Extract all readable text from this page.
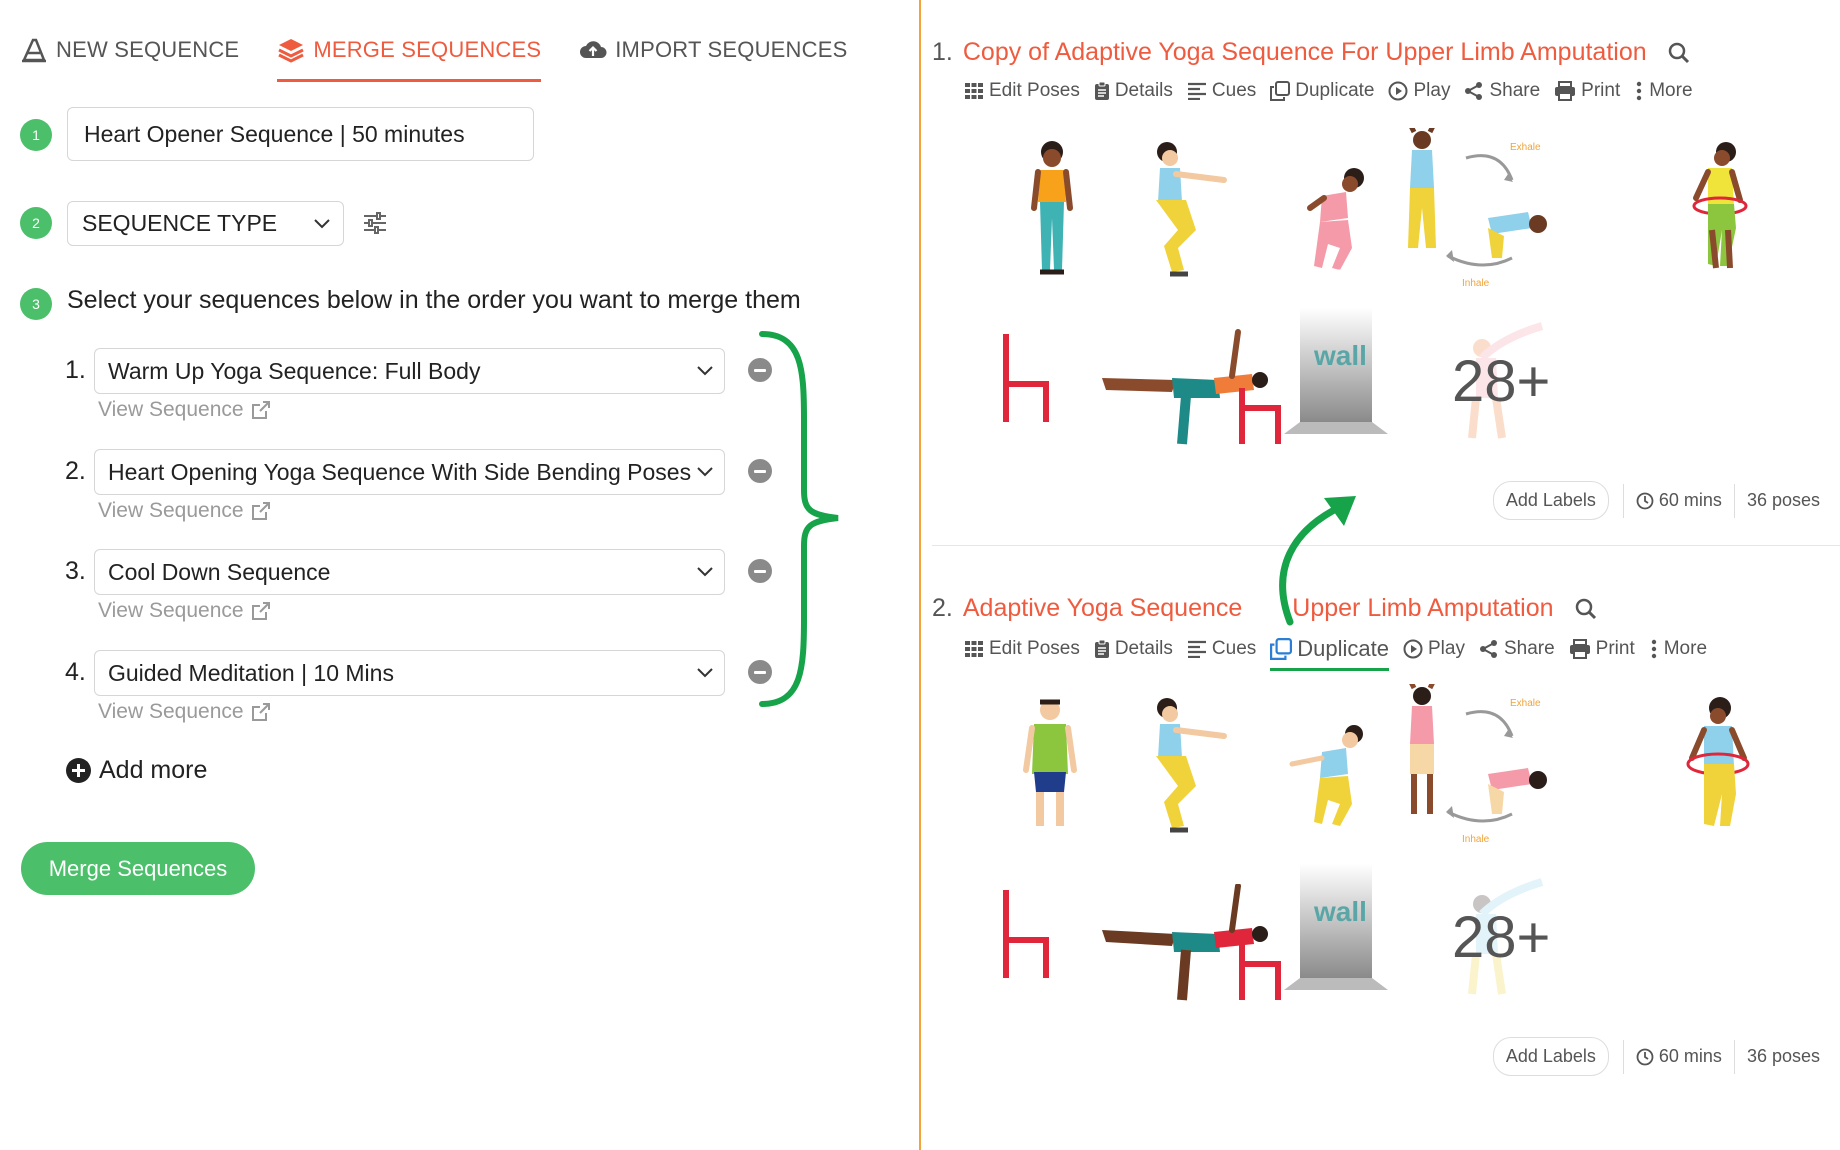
NEW SEQUENCE	MERGE SEQUENCES	IMPORT SEQUENCES
1
Heart Opener Sequence | 50 minutes
2	SEQUENCE TYPE
3	Select your sequences below in the order you want to merge them
1. Warm Up Yoga Sequence: Full Body
View Sequence
2. Heart Opening Yoga Sequence With Side Bending Poses
View Sequence
3. Cool Down Sequence
View Sequence
4. Guided Meditation | 10 Mins
View Sequence
Add more
Merge Sequences
1. Copy of Adaptive Yoga Sequence For Upper Limb Amputation
Edit Poses Details Cues Duplicate Play Share Print More
Exhale
Inhale
wall 28+
Add Labels	60 mins 36 poses
2. Adaptive Yoga Sequence Upper Limb Amputation
Edit Poses Details Cues Duplicate Play Share Print More
Exhale
Inhale
wall 28+
Add Labels	60 mins 36 poses
